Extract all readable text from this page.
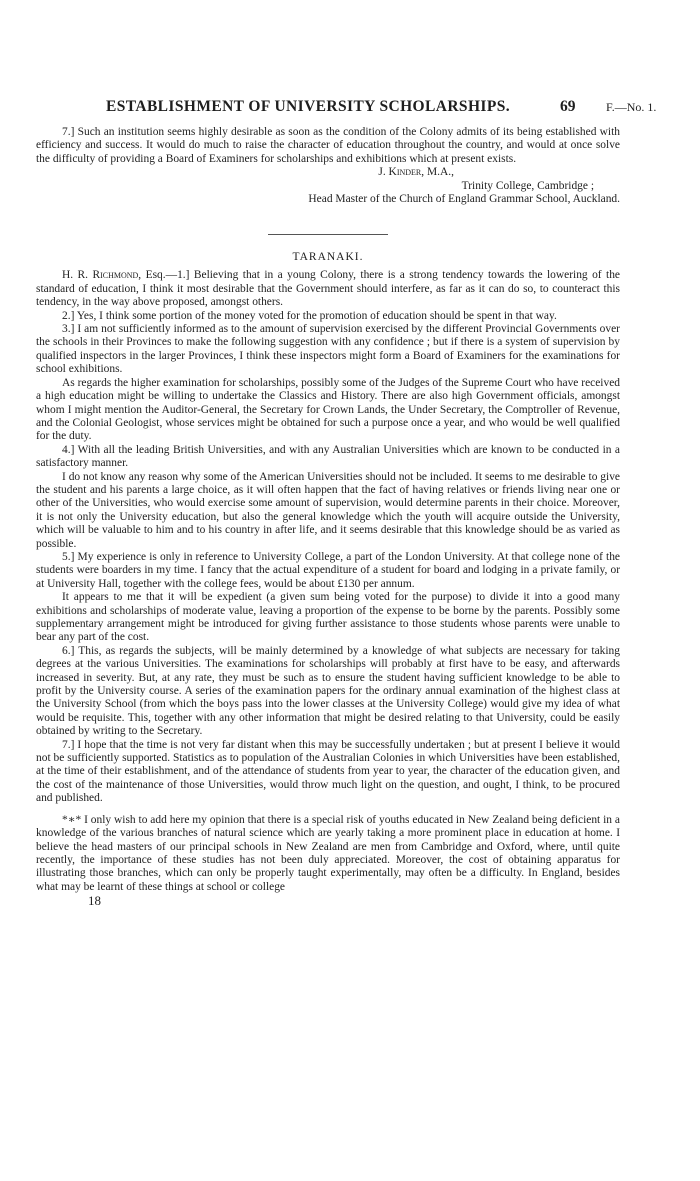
ESTABLISHMENT OF UNIVERSITY SCHOLARSHIPS.	69	F.—No. 1.

7.] Such an institution seems highly desirable as soon as the condition of the Colony admits of its being established with efficiency and success. It would do much to raise the character of education throughout the country, and would at once solve the difficulty of providing a Board of Examiners for scholarships and exhibitions which at present exists.

J. Kinder, M.A.,
Trinity College, Cambridge ;
Head Master of the Church of England Grammar School, Auckland.
TARANAKI.

H. R. Richmond, Esq.—1.] Believing that in a young Colony, there is a strong tendency towards the lowering of the standard of education, I think it most desirable that the Government should interfere, as far as it can do so, to counteract this tendency, in the way above proposed, amongst others.

2.] Yes, I think some portion of the money voted for the promotion of education should be spent in that way.

3.] I am not sufficiently informed as to the amount of supervision exercised by the different Provincial Governments over the schools in their Provinces to make the following suggestion with any confidence ; but if there is a system of supervision by qualified inspectors in the larger Provinces, I think these inspectors might form a Board of Examiners for the examinations for school exhibitions.

As regards the higher examination for scholarships, possibly some of the Judges of the Supreme Court who have received a high education might be willing to undertake the Classics and History. There are also high Government officials, amongst whom I might mention the Auditor-General, the Secretary for Crown Lands, the Under Secretary, the Comptroller of Revenue, and the Colonial Geologist, whose services might be obtained for such a purpose once a year, and who would be well qualified for the duty.

4.] With all the leading British Universities, and with any Australian Universities which are known to be conducted in a satisfactory manner.

I do not know any reason why some of the American Universities should not be included. It seems to me desirable to give the student and his parents a large choice, as it will often happen that the fact of having relatives or friends living near one or other of the Universities, who would exercise some amount of supervision, would determine parents in their choice. Moreover, it is not only the University education, but also the general knowledge which the youth will acquire outside the University, which will be valuable to him and to his country in after life, and it seems desirable that this knowledge should be as varied as possible.

5.] My experience is only in reference to University College, a part of the London University. At that college none of the students were boarders in my time. I fancy that the actual expenditure of a student for board and lodging in a private family, or at University Hall, together with the college fees, would be about £130 per annum.

It appears to me that it will be expedient (a given sum being voted for the purpose) to divide it into a good many exhibitions and scholarships of moderate value, leaving a proportion of the expense to be borne by the parents. Possibly some supplementary arrangement might be introduced for giving further assistance to those students whose parents were unable to bear any part of the cost.

6.] This, as regards the subjects, will be mainly determined by a knowledge of what subjects are necessary for taking degrees at the various Universities. The examinations for scholarships will probably at first have to be easy, and afterwards increased in severity. But, at any rate, they must be such as to ensure the student having sufficient knowledge to be able to profit by the University course. A series of the examination papers for the ordinary annual examination of the highest class at the University School (from which the boys pass into the lower classes at the University College) would give my idea of what would be requisite. This, together with any other information that might be desired relating to that University, could be easily obtained by writing to the Secretary.

7.] I hope that the time is not very far distant when this may be successfully undertaken ; but at present I believe it would not be sufficiently supported. Statistics as to population of the Australian Colonies in which Universities have been established, at the time of their establishment, and of the attendance of students from year to year, the character of the education given, and the cost of the maintenance of those Universities, would throw much light on the question, and ought, I think, to be procured and published.

*∗* I only wish to add here my opinion that there is a special risk of youths educated in New Zealand being deficient in a knowledge of the various branches of natural science which are yearly taking a more prominent place in education at home. I believe the head masters of our principal schools in New Zealand are men from Cambridge and Oxford, where, until quite recently, the importance of these studies has not been duly appreciated. Moreover, the cost of obtaining apparatus for illustrating those branches, which can only be properly taught experimentally, may often be a difficulty. In England, besides what may be learnt of these things at school or college

18
